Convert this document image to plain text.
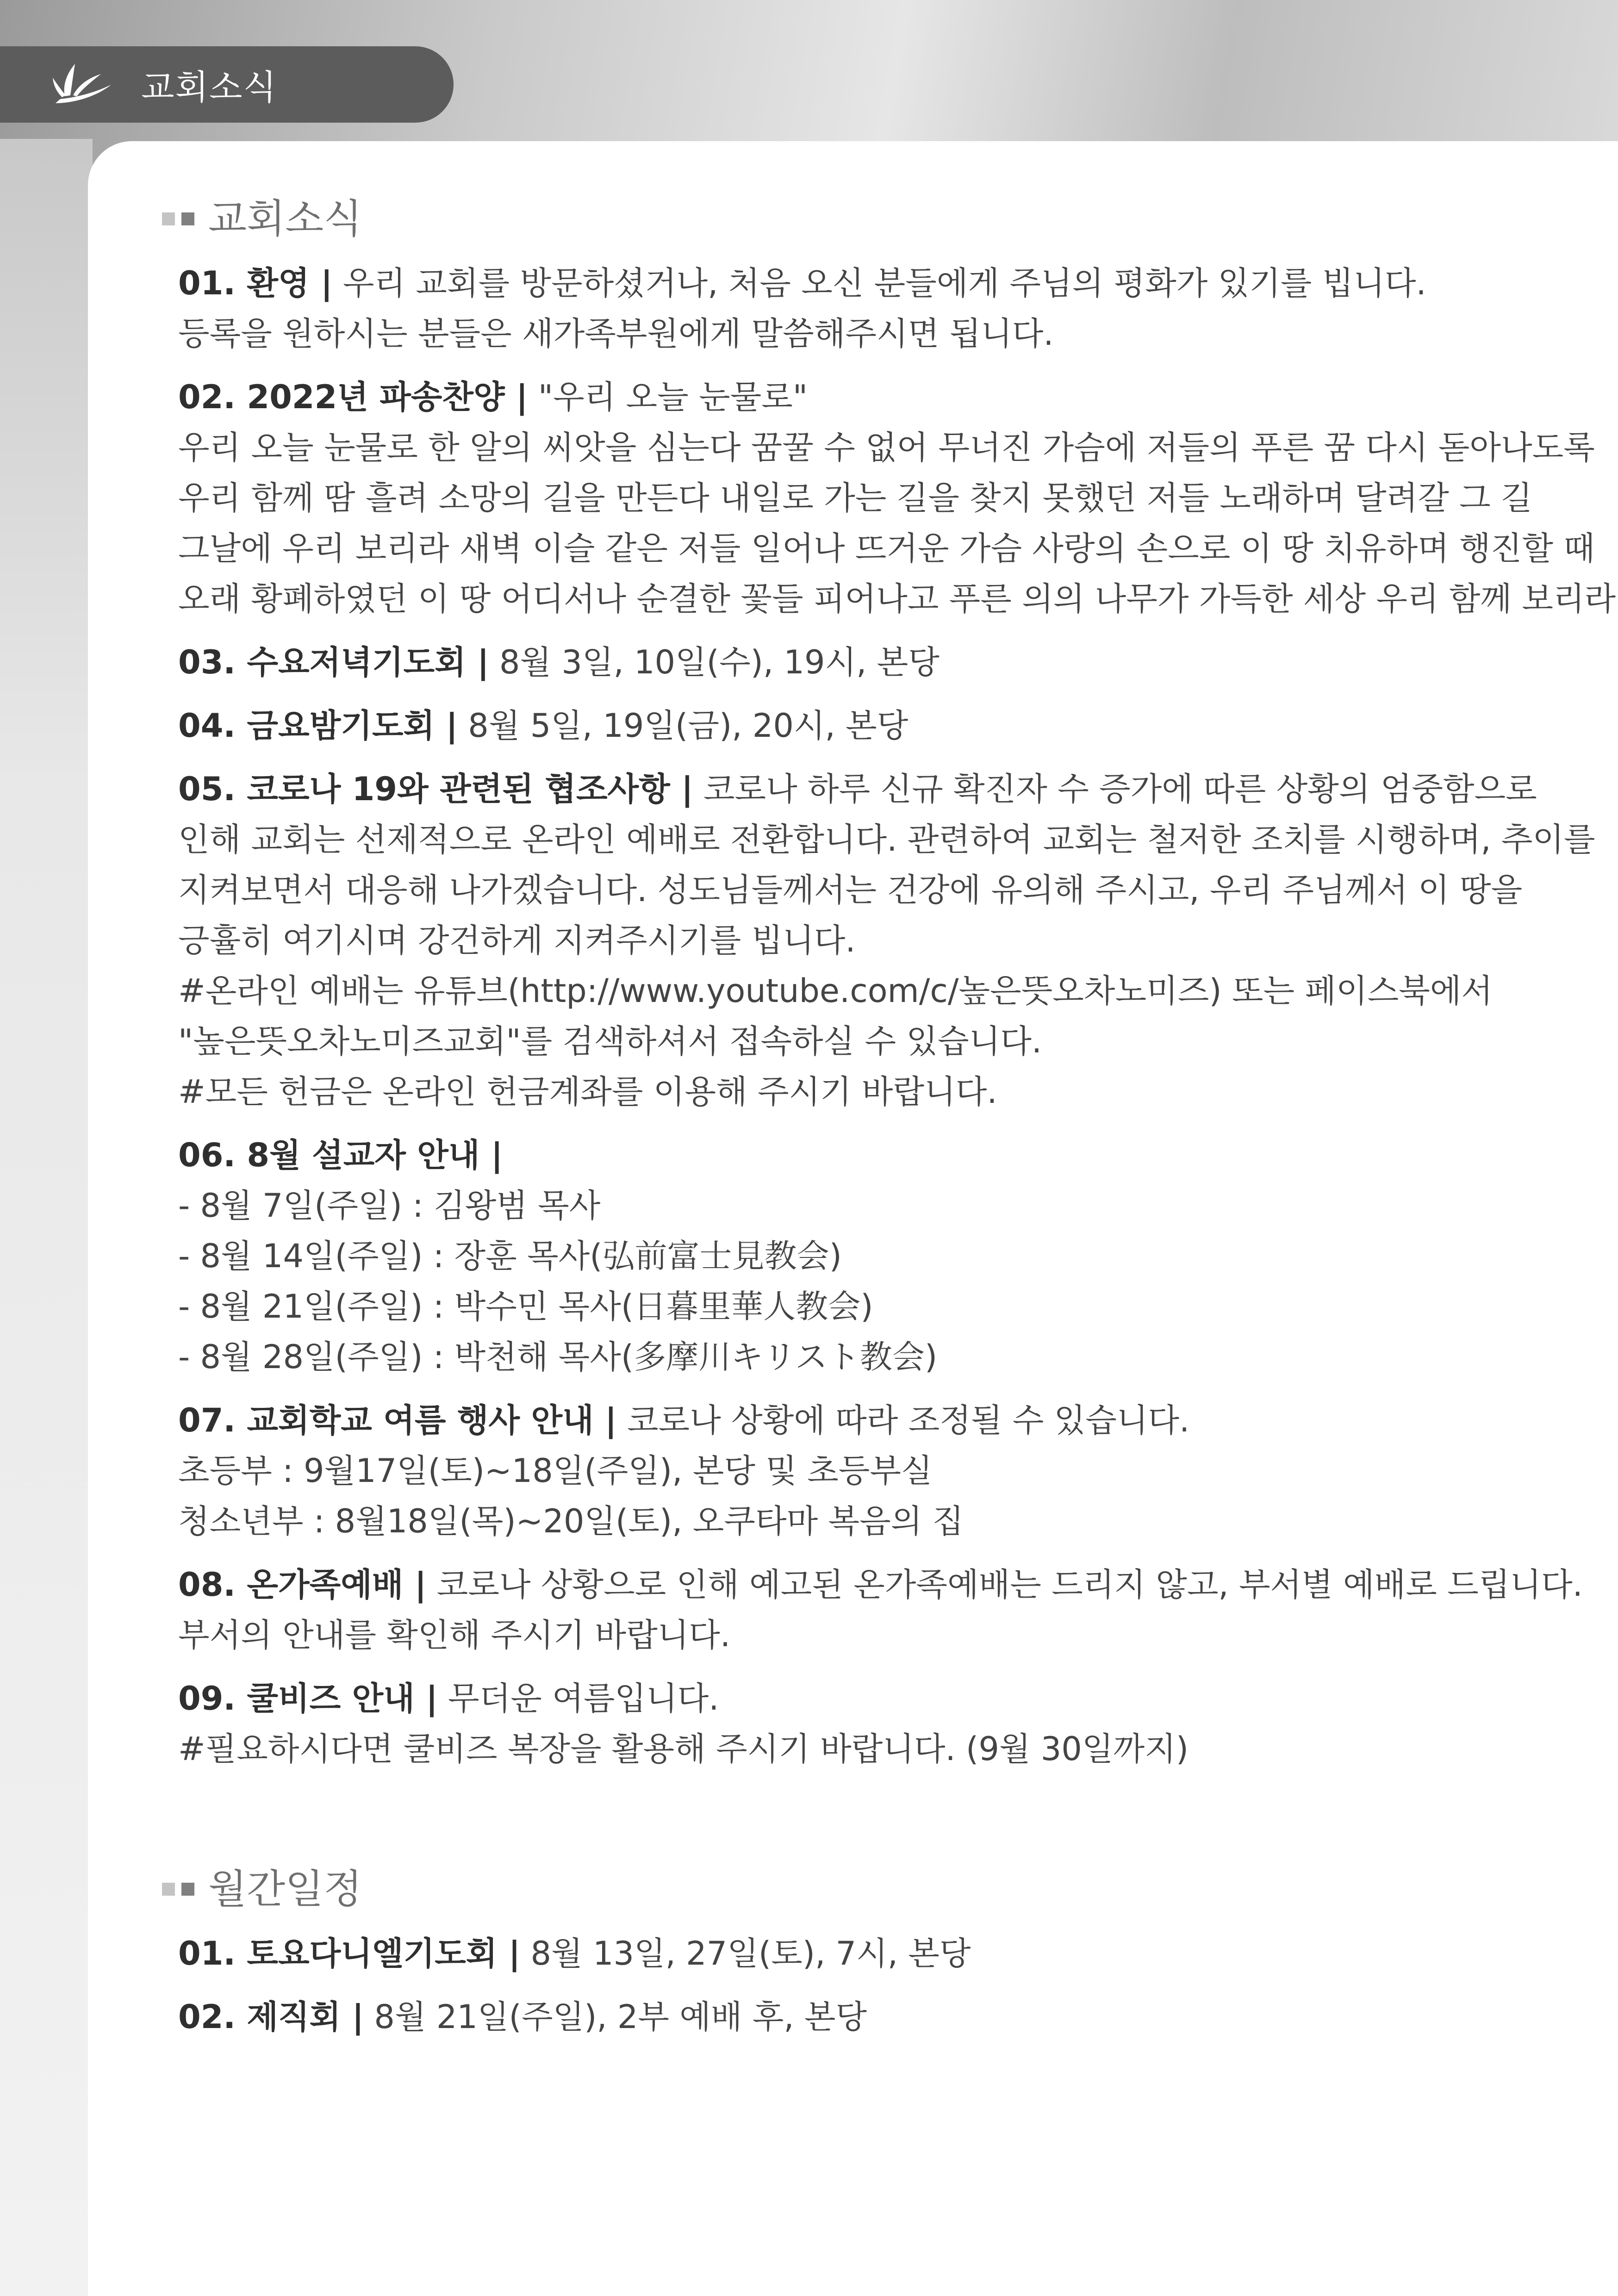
교회소식
교회소식
01. 환영 | 우리 교회를 방문하셨거나, 처음 오신 분들에게 주님의 평화가 있기를 빕니다.
등록을 원하시는 분들은 새가족부원에게 말씀해주시면 됩니다.
02. 2022년 파송찬양 | "우리 오늘 눈물로"
우리 오늘 눈물로 한 알의 씨앗을 심는다 꿈꿀 수 없어 무너진 가슴에 저들의 푸른 꿈 다시 돋아나도록
우리 함께 땀 흘려 소망의 길을 만든다 내일로 가는 길을 찾지 못했던 저들 노래하며 달려갈 그 길
그날에 우리 보리라 새벽 이슬 같은 저들 일어나 뜨거운 가슴 사랑의 손으로 이 땅 치유하며 행진할 때
오래 황폐하였던 이 땅 어디서나 순결한 꽃들 피어나고 푸른 의의 나무가 가득한 세상 우리 함께 보리라
03. 수요저녁기도회 | 8월 3일, 10일(수), 19시, 본당
04. 금요밤기도회 | 8월 5일, 19일(금), 20시, 본당
05. 코로나 19와 관련된 협조사항 | 코로나 하루 신규 확진자 수 증가에 따른 상황의 엄중함으로
인해 교회는 선제적으로 온라인 예배로 전환합니다. 관련하여 교회는 철저한 조치를 시행하며, 추이를
지켜보면서 대응해 나가겠습니다. 성도님들께서는 건강에 유의해 주시고, 우리 주님께서 이 땅을
긍휼히 여기시며 강건하게 지켜주시기를 빕니다.
#온라인 예배는 유튜브(http://www.youtube.com/c/높은뜻오차노미즈) 또는 페이스북에서
"높은뜻오차노미즈교회"를 검색하셔서 접속하실 수 있습니다.
#모든 헌금은 온라인 헌금계좌를 이용해 주시기 바랍니다.
06. 8월 설교자 안내 |
- 8월 7일(주일) : 김왕범 목사
- 8월 14일(주일) : 장훈 목사(弘前富士見教会)
- 8월 21일(주일) : 박수민 목사(日暮里華人教会)
- 8월 28일(주일) : 박천해 목사(多摩川キリスト教会)
07. 교회학교 여름 행사 안내 | 코로나 상황에 따라 조정될 수 있습니다.
초등부 : 9월17일(토)~18일(주일), 본당 및 초등부실
청소년부 : 8월18일(목)~20일(토), 오쿠타마 복음의 집
08. 온가족예배 | 코로나 상황으로 인해 예고된 온가족예배는 드리지 않고, 부서별 예배로 드립니다.
부서의 안내를 확인해 주시기 바랍니다.
09. 쿨비즈 안내 | 무더운 여름입니다.
#필요하시다면 쿨비즈 복장을 활용해 주시기 바랍니다. (9월 30일까지)
월간일정
01. 토요다니엘기도회 | 8월 13일, 27일(토), 7시, 본당
02. 제직회 | 8월 21일(주일), 2부 예배 후, 본당
